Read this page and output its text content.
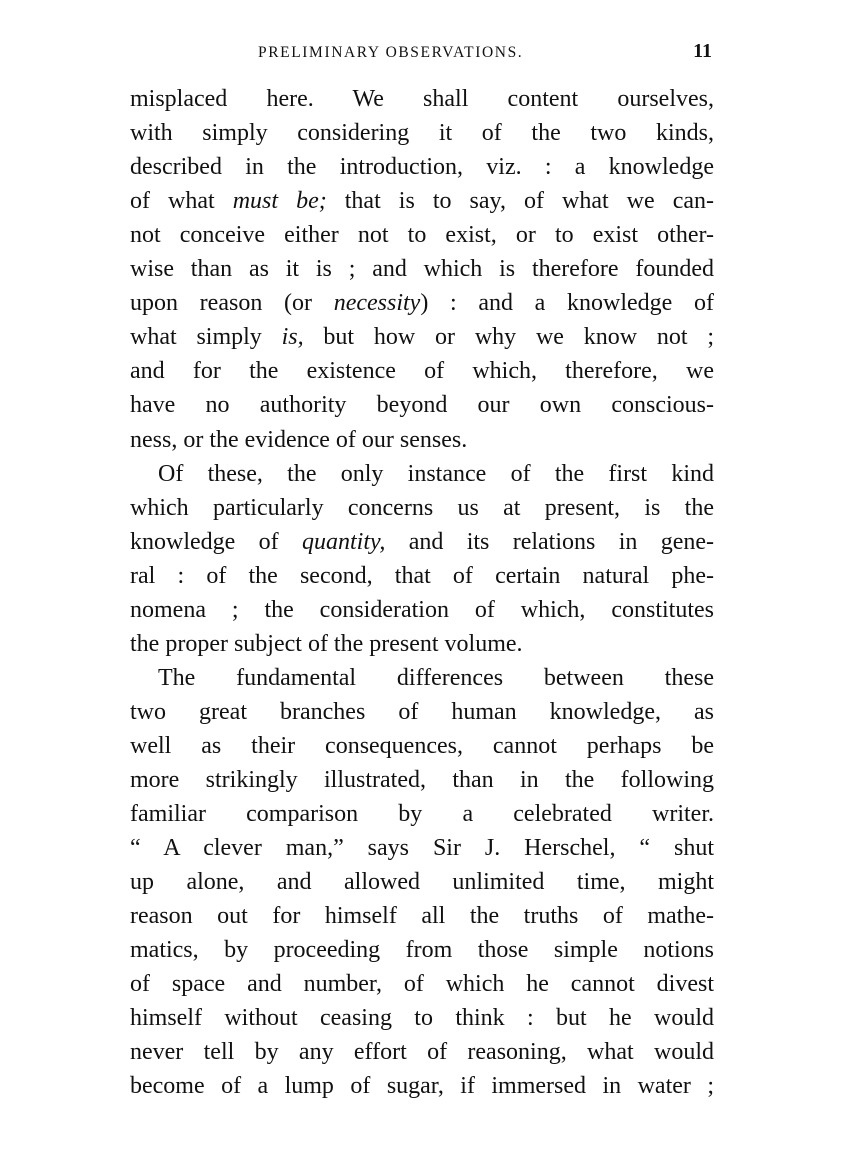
PRELIMINARY OBSERVATIONS.	11
misplaced here. We shall content ourselves,
with simply considering it of the two kinds,
described in the introduction, viz. : a knowledge
of what must be; that is to say, of what we can-
not conceive either not to exist, or to exist other-
wise than as it is ; and which is therefore founded
upon reason (or necessity) : and a knowledge of
what simply is, but how or why we know not ;
and for the existence of which, therefore, we
have no authority beyond our own conscious-
ness, or the evidence of our senses.
Of these, the only instance of the first kind
which particularly concerns us at present, is the
knowledge of quantity, and its relations in gene-
ral : of the second, that of certain natural phe-
nomena ; the consideration of which, constitutes
the proper subject of the present volume.
The fundamental differences between these
two great branches of human knowledge, as
well as their consequences, cannot perhaps be
more strikingly illustrated, than in the following
familiar comparison by a celebrated writer.
“ A clever man,” says Sir J. Herschel, “ shut
up alone, and allowed unlimited time, might
reason out for himself all the truths of mathe-
matics, by proceeding from those simple notions
of space and number, of which he cannot divest
himself without ceasing to think : but he would
never tell by any effort of reasoning, what would
become of a lump of sugar, if immersed in water ;
